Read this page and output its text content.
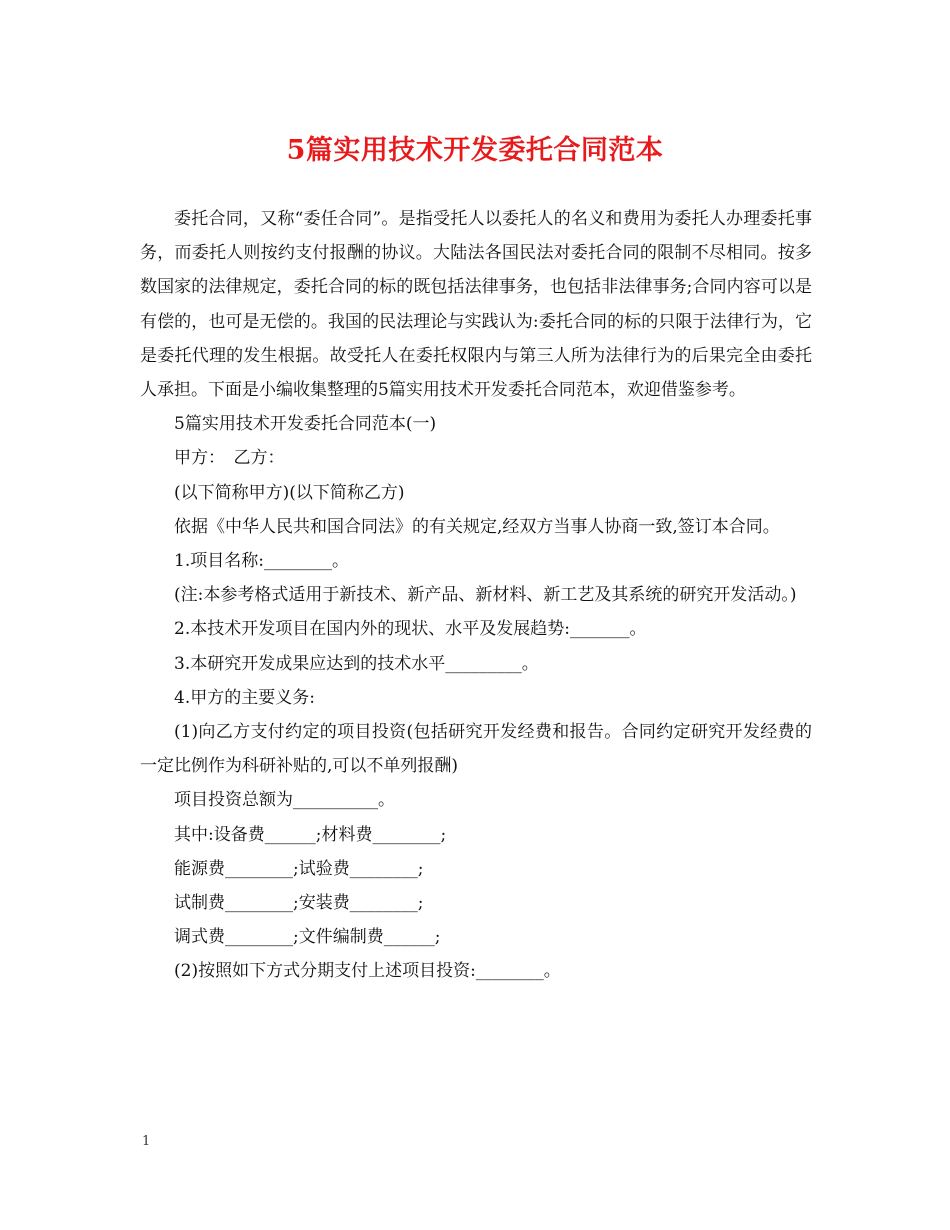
5篇实用技术开发委托合同范本

委托合同，又称“委任合同”。是指受托人以委托人的名义和费用为委托人办理委托事务，而委托人则按约支付报酬的协议。大陆法各国民法对委托合同的限制不尽相同。按多数国家的法律规定，委托合同的标的既包括法律事务，也包括非法律事务;合同内容可以是有偿的，也可是无偿的。我国的民法理论与实践认为:委托合同的标的只限于法律行为，它是委托代理的发生根据。故受托人在委托权限内与第三人所为法律行为的后果完全由委托人承担。下面是小编收集整理的5篇实用技术开发委托合同范本，欢迎借鉴参考。

5篇实用技术开发委托合同范本(一)

甲方：　乙方：

(以下简称甲方)(以下简称乙方)

依据《中华人民共和国合同法》的有关规定,经双方当事人协商一致,签订本合同。

1.项目名称:________。

(注:本参考格式适用于新技术、新产品、新材料、新工艺及其系统的研究开发活动。)

2.本技术开发项目在国内外的现状、水平及发展趋势:_______。

3.本研究开发成果应达到的技术水平_________。

4.甲方的主要义务:

(1)向乙方支付约定的项目投资(包括研究开发经费和报告。合同约定研究开发经费的一定比例作为科研补贴的,可以不单列报酬)

项目投资总额为__________。

其中:设备费______;材料费________;

能源费________;试验费________;

试制费________;安装费________;

调式费________;文件编制费______;

(2)按照如下方式分期支付上述项目投资:________。

1
